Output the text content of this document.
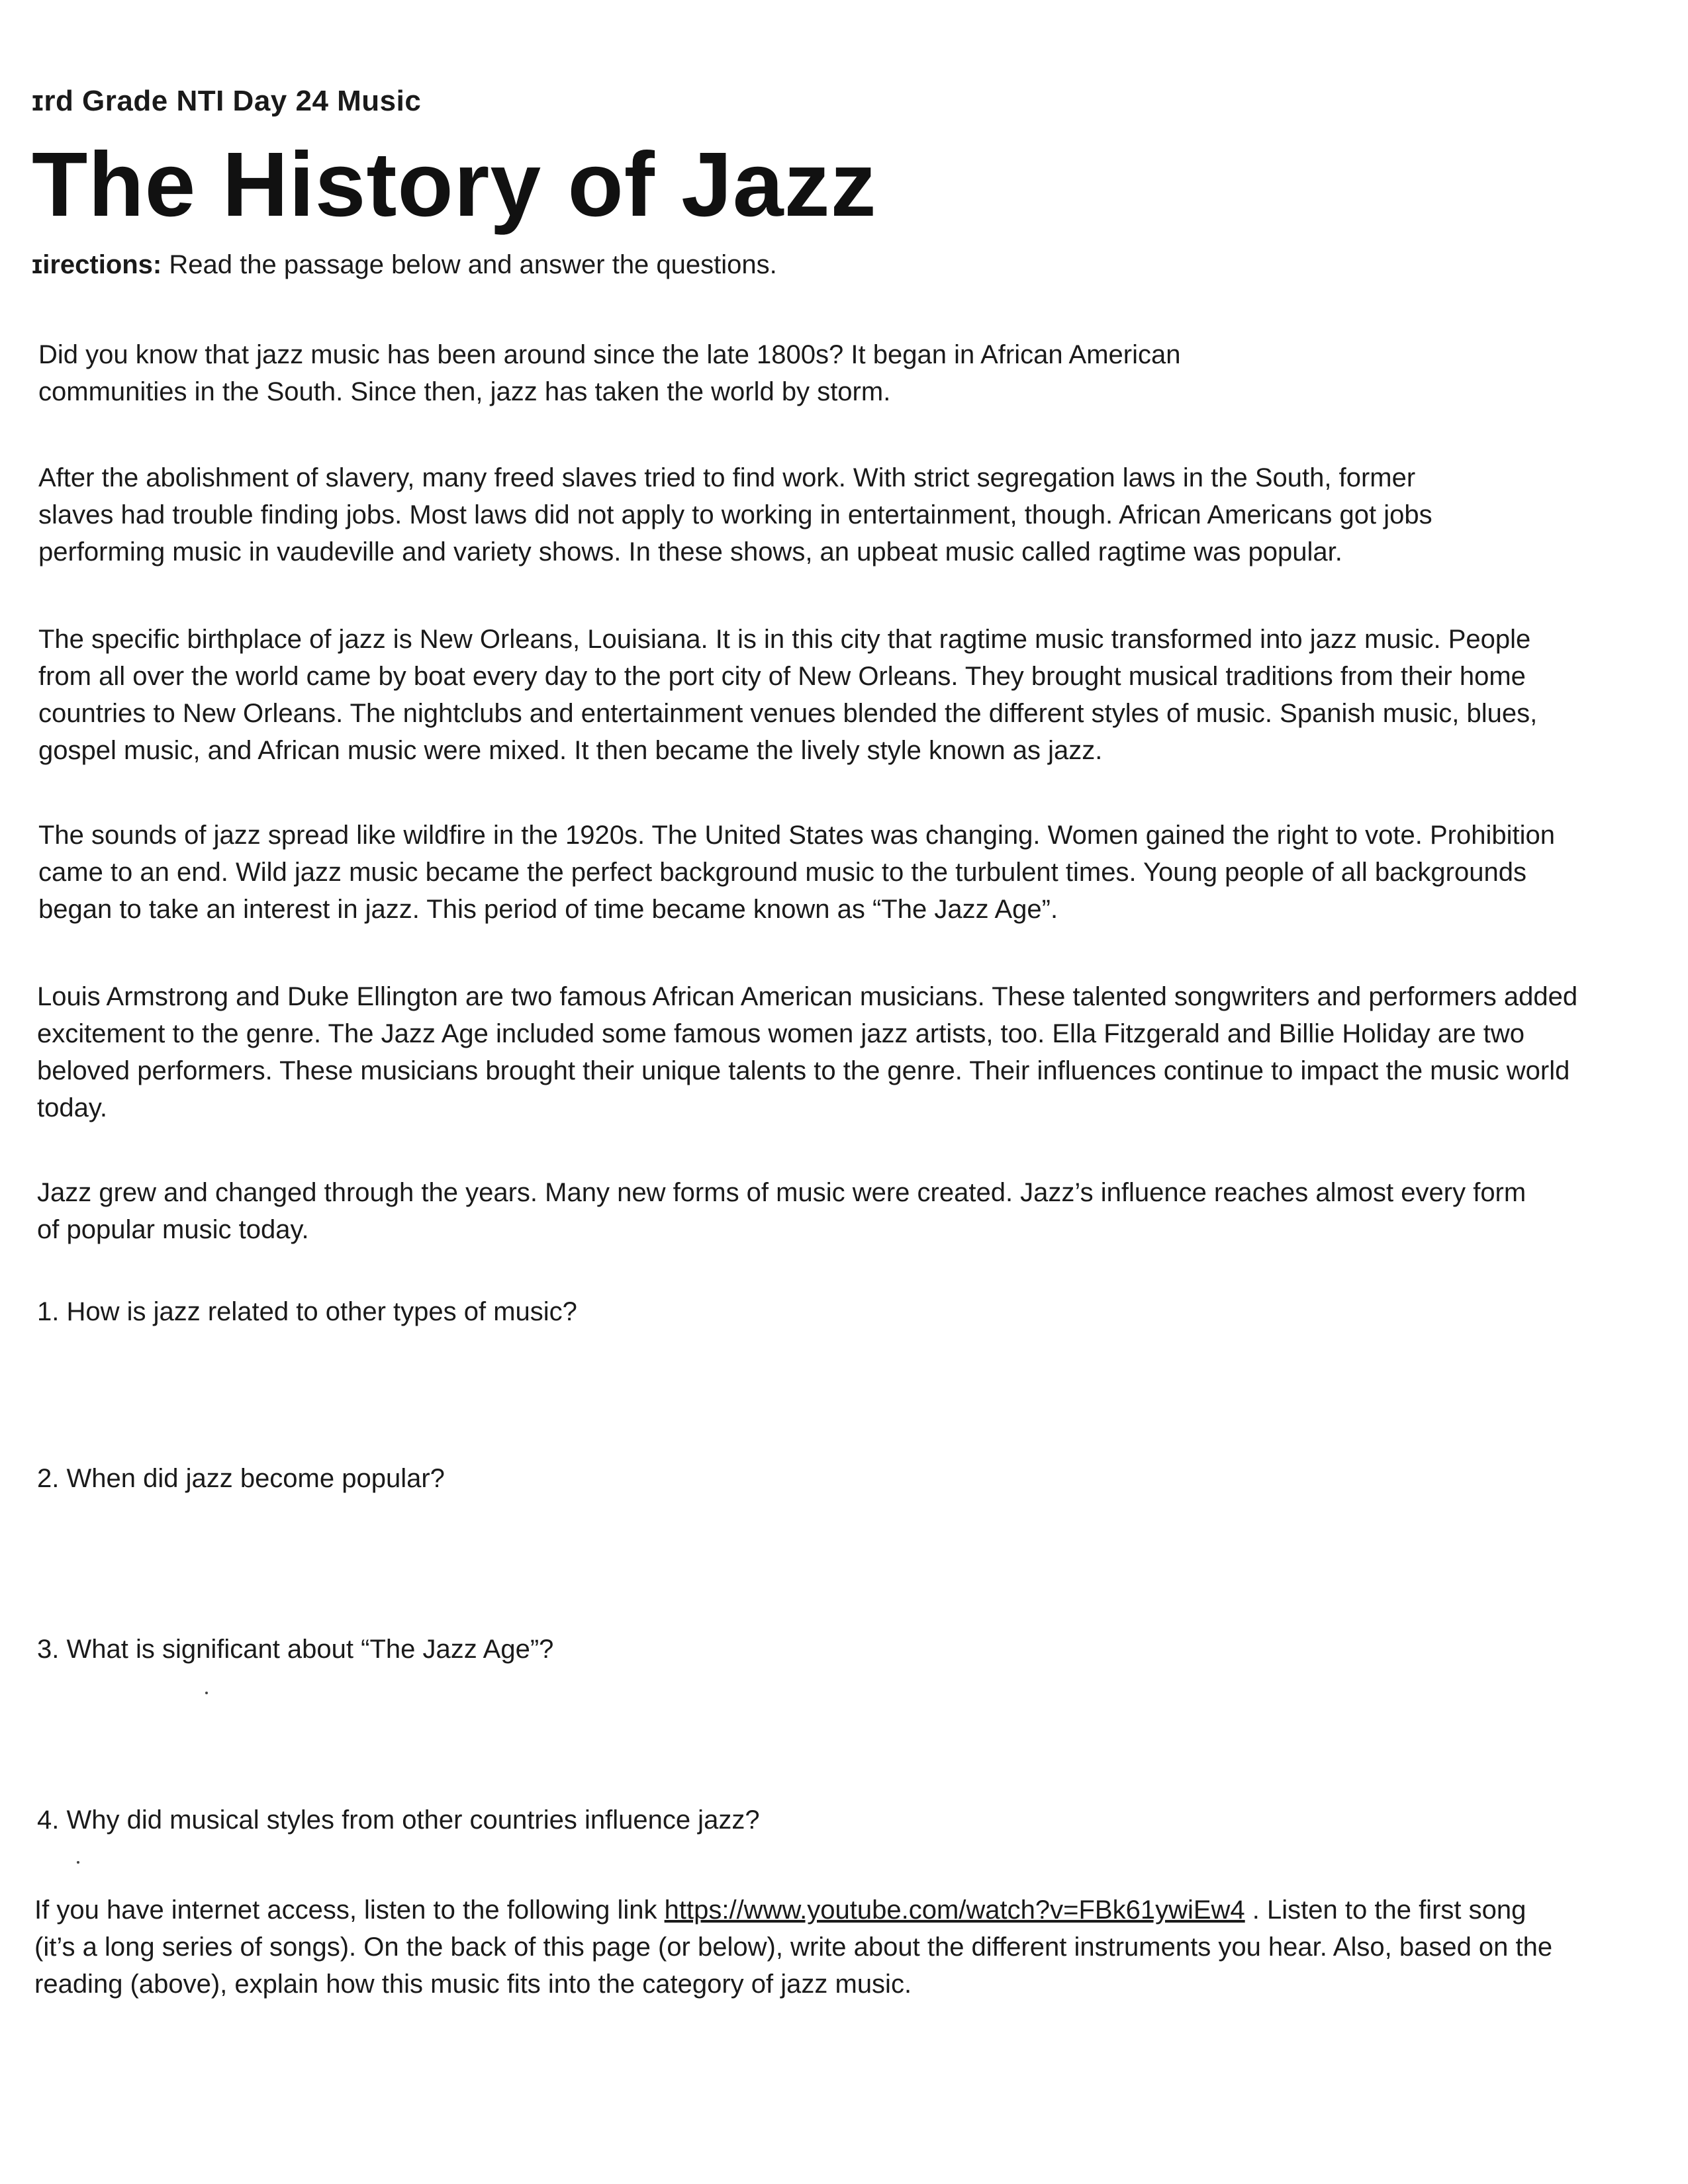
ɪrd Grade NTI Day 24 Music
The History of Jazz
ɪirections: Read the passage below and answer the questions.
Did you know that jazz music has been around since the late 1800s? It began in African American
communities in the South. Since then, jazz has taken the world by storm.
After the abolishment of slavery, many freed slaves tried to find work. With strict segregation laws in the South, former
slaves had trouble finding jobs. Most laws did not apply to working in entertainment, though. African Americans got jobs
performing music in vaudeville and variety shows. In these shows, an upbeat music called ragtime was popular.
The specific birthplace of jazz is New Orleans, Louisiana. It is in this city that ragtime music transformed into jazz music. People
from all over the world came by boat every day to the port city of New Orleans. They brought musical traditions from their home
countries to New Orleans. The nightclubs and entertainment venues blended the different styles of music. Spanish music, blues,
gospel music, and African music were mixed. It then became the lively style known as jazz.
The sounds of jazz spread like wildfire in the 1920s. The United States was changing. Women gained the right to vote. Prohibition
came to an end. Wild jazz music became the perfect background music to the turbulent times. Young people of all backgrounds
began to take an interest in jazz. This period of time became known as “The Jazz Age”.
Louis Armstrong and Duke Ellington are two famous African American musicians. These talented songwriters and performers added
excitement to the genre. The Jazz Age included some famous women jazz artists, too. Ella Fitzgerald and Billie Holiday are two
beloved performers. These musicians brought their unique talents to the genre. Their influences continue to impact the music world
today.
Jazz grew and changed through the years. Many new forms of music were created. Jazz’s influence reaches almost every form
of popular music today.
1. How is jazz related to other types of music?
2. When did jazz become popular?
3. What is significant about “The Jazz Age”?
4. Why did musical styles from other countries influence jazz?
If you have internet access, listen to the following link https://www.youtube.com/watch?v=FBk61ywiEw4 . Listen to the first song
(it’s a long series of songs). On the back of this page (or below), write about the different instruments you hear. Also, based on the
reading (above), explain how this music fits into the category of jazz music.
